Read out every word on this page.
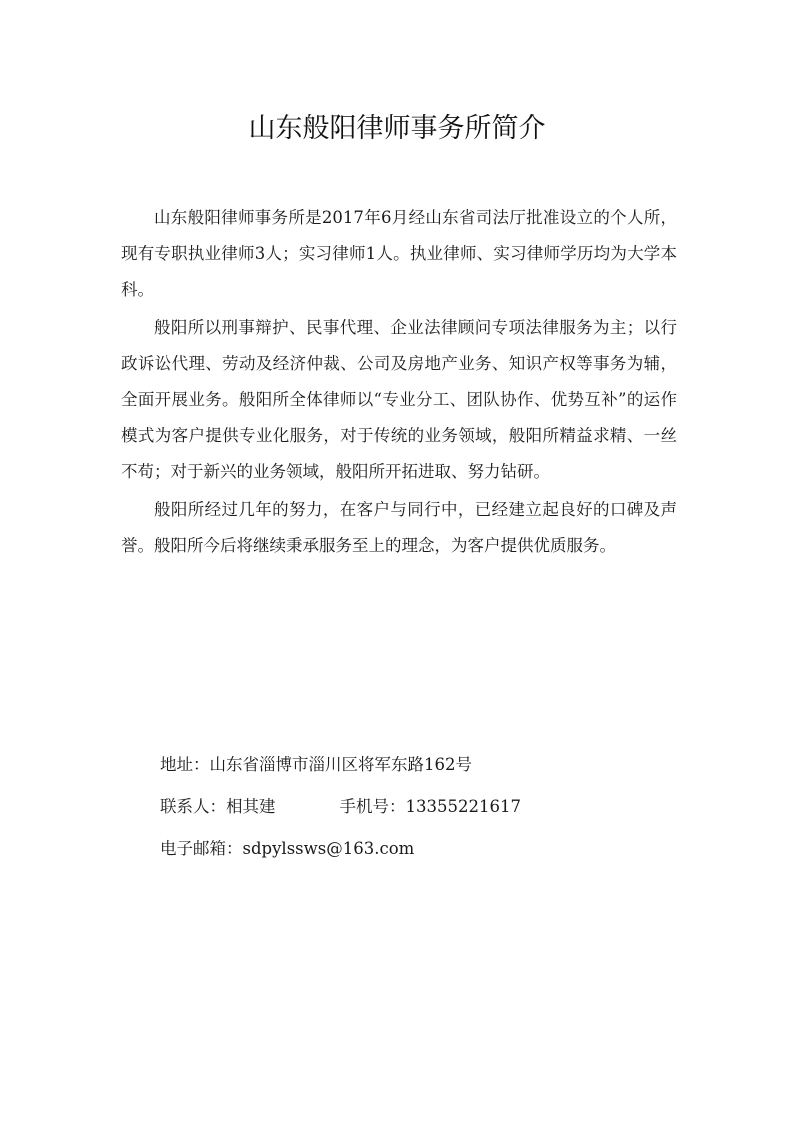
山东般阳律师事务所简介

山东般阳律师事务所是2017年6月经山东省司法厅批准设立的个人所，现有专职执业律师3人；实习律师1人。执业律师、实习律师学历均为大学本科。

般阳所以刑事辩护、民事代理、企业法律顾问专项法律服务为主；以行政诉讼代理、劳动及经济仲裁、公司及房地产业务、知识产权等事务为辅，全面开展业务。般阳所全体律师以“专业分工、团队协作、优势互补”的运作模式为客户提供专业化服务，对于传统的业务领域，般阳所精益求精、一丝不苟；对于新兴的业务领域，般阳所开拓进取、努力钻研。

般阳所经过几年的努力，在客户与同行中，已经建立起良好的口碑及声誉。般阳所今后将继续秉承服务至上的理念，为客户提供优质服务。

地址：山东省淄博市淄川区将军东路162号
联系人：相其建	手机号：13355221617
电子邮箱：sdpylssws@163.com
